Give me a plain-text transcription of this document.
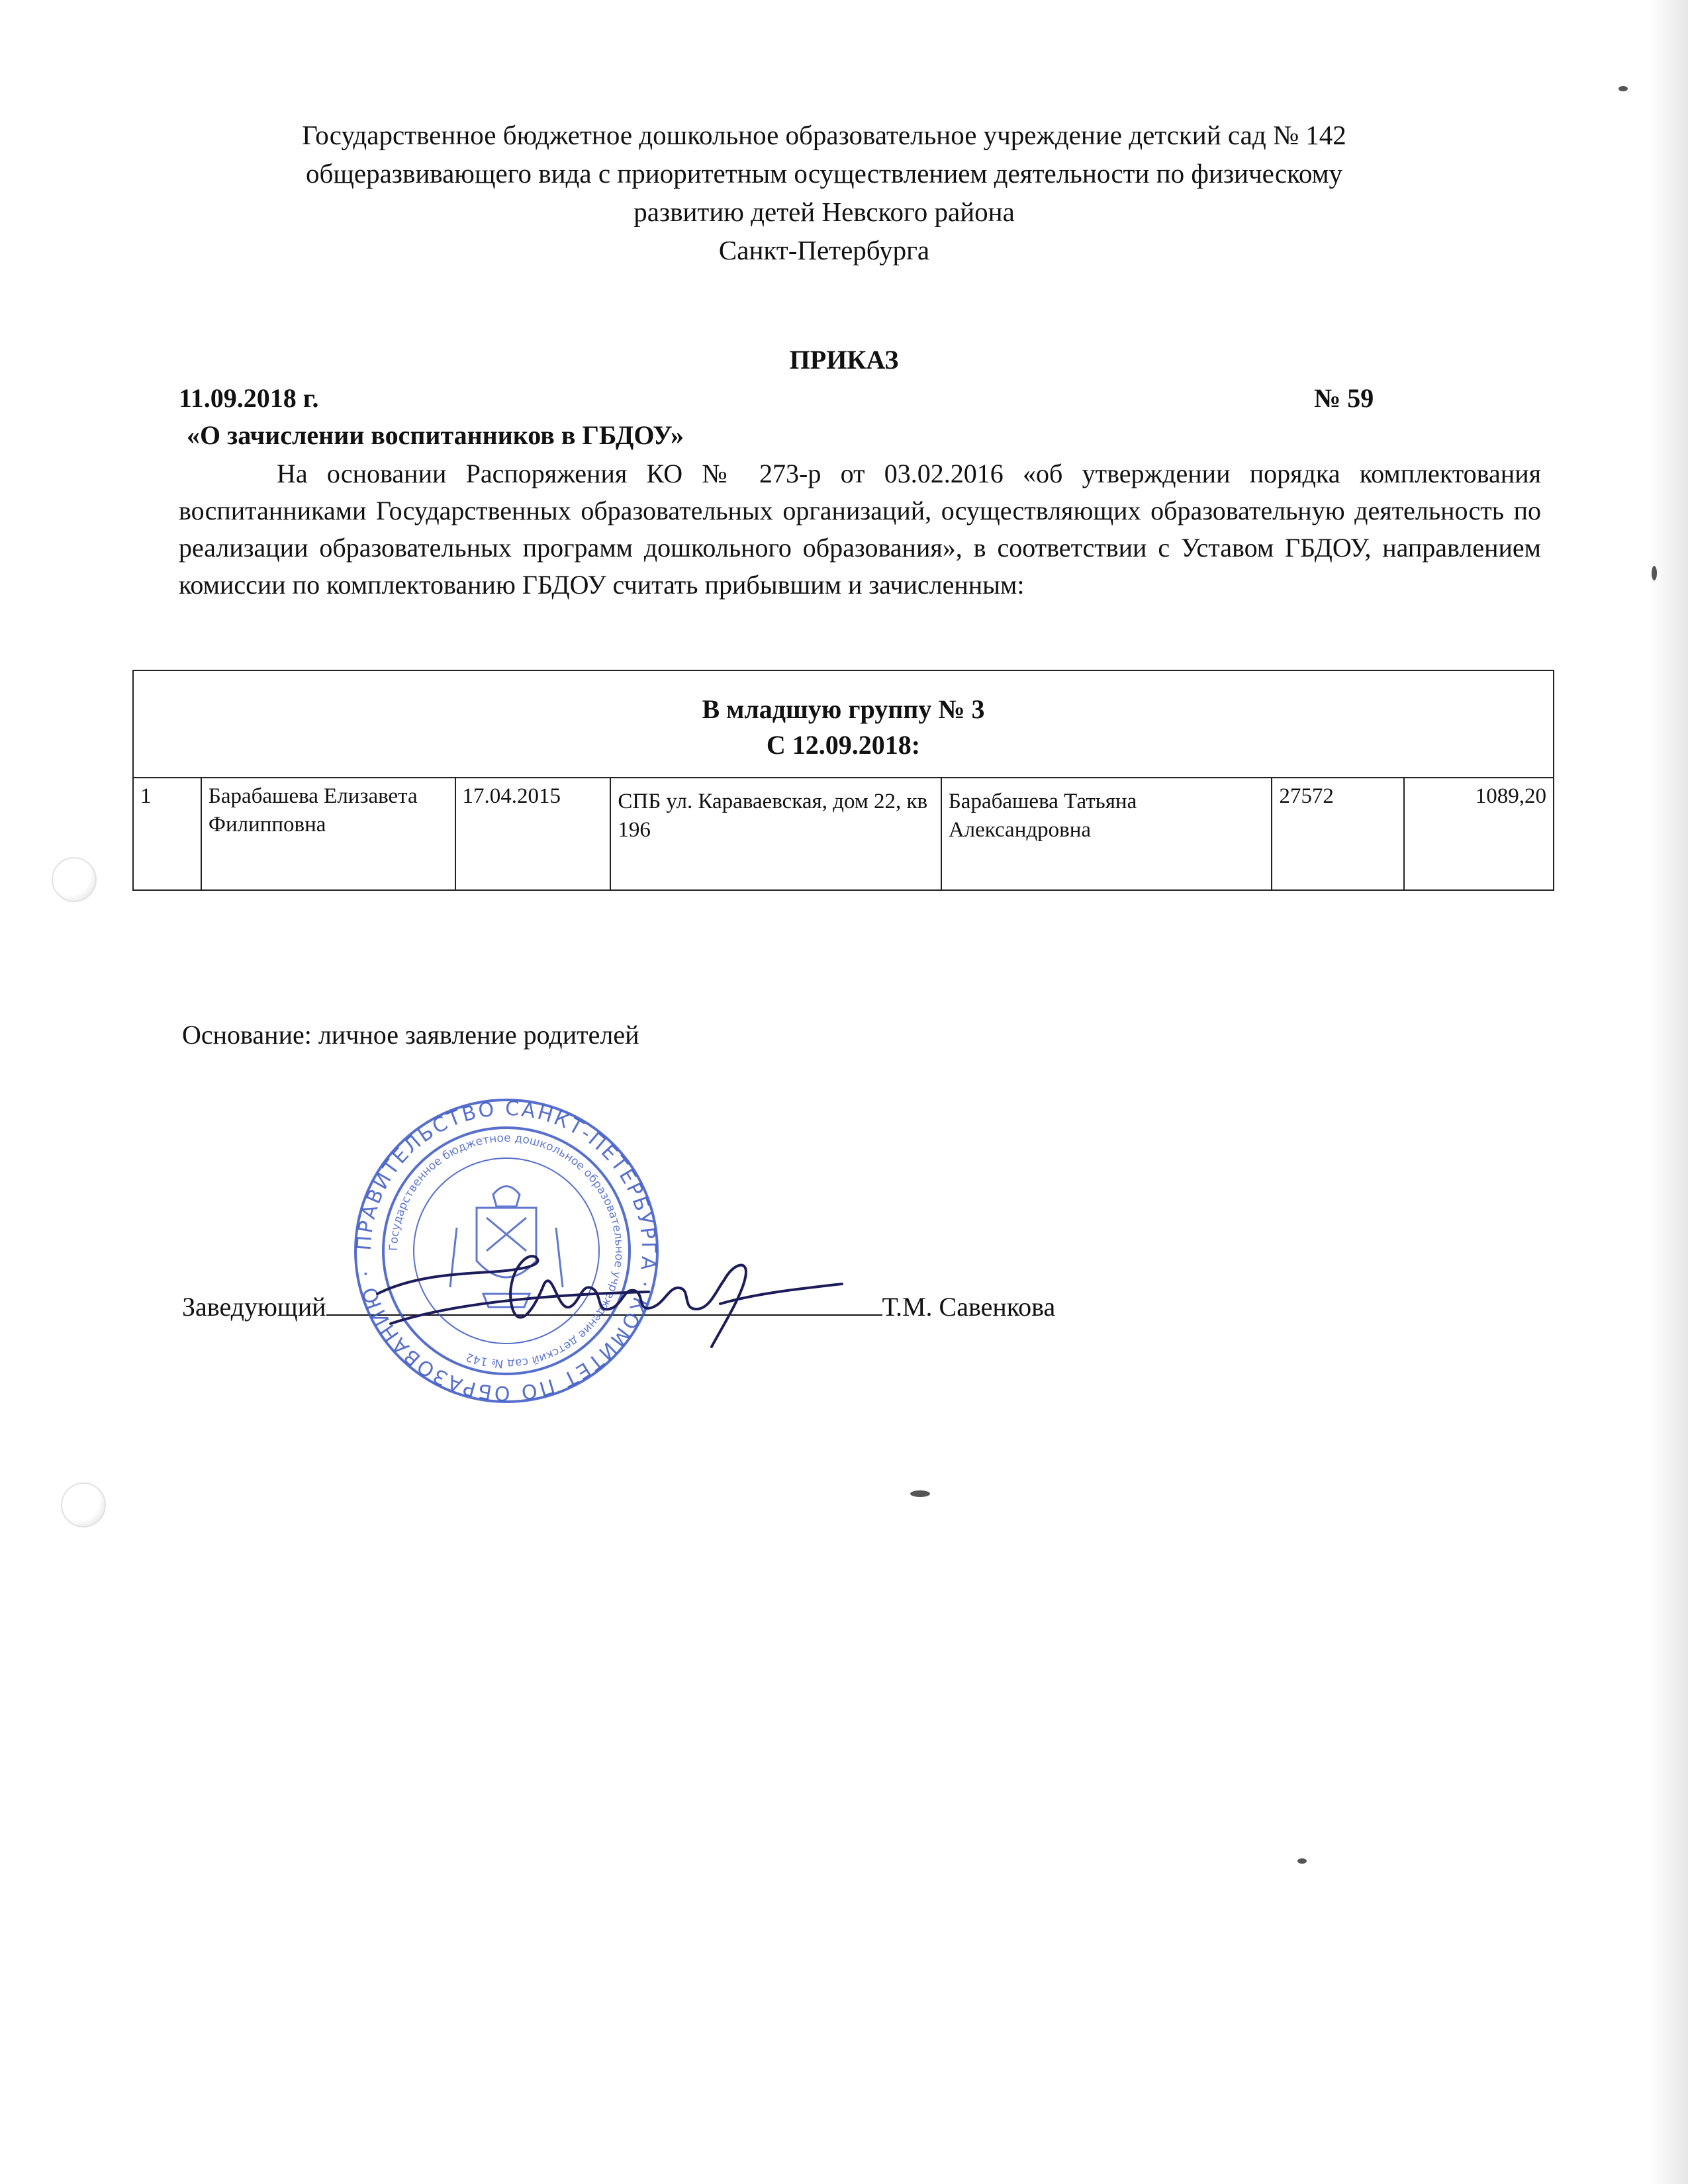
Государственное бюджетное дошкольное образовательное учреждение детский сад № 142
общеразвивающего вида с приоритетным осуществлением деятельности по физическому
развитию детей Невского района
Санкт-Петербурга
ПРИКАЗ
11.09.2018 г.	№ 59
«О зачислении воспитанников в ГБДОУ»
На основании Распоряжения КО № 273-р от 03.02.2016 «об утверждении порядка комплектования воспитанниками Государственных образовательных организаций, осуществляющих образовательную деятельность по реализации образовательных программ дошкольного образования», в соответствии с Уставом ГБДОУ, направлением комиссии по комплектованию ГБДОУ считать прибывшим и зачисленным:
В младшую группу № 3
С 12.09.2018:

1	Барабашева Елизавета Филипповна	17.04.2015	СПБ ул. Караваевская, дом 22, кв 196	Барабашева Татьяна Александровна	27572	1089,20
Основание: личное заявление родителей
Заведующий	Т.М. Савенкова
ПРАВИТЕЛЬСТВО САНКТ-ПЕТЕРБУРГА · КОМИТЕТ ПО ОБРАЗОВАНИЮ ·
Государственное бюджетное дошкольное образовательное учреждение детский сад № 142
